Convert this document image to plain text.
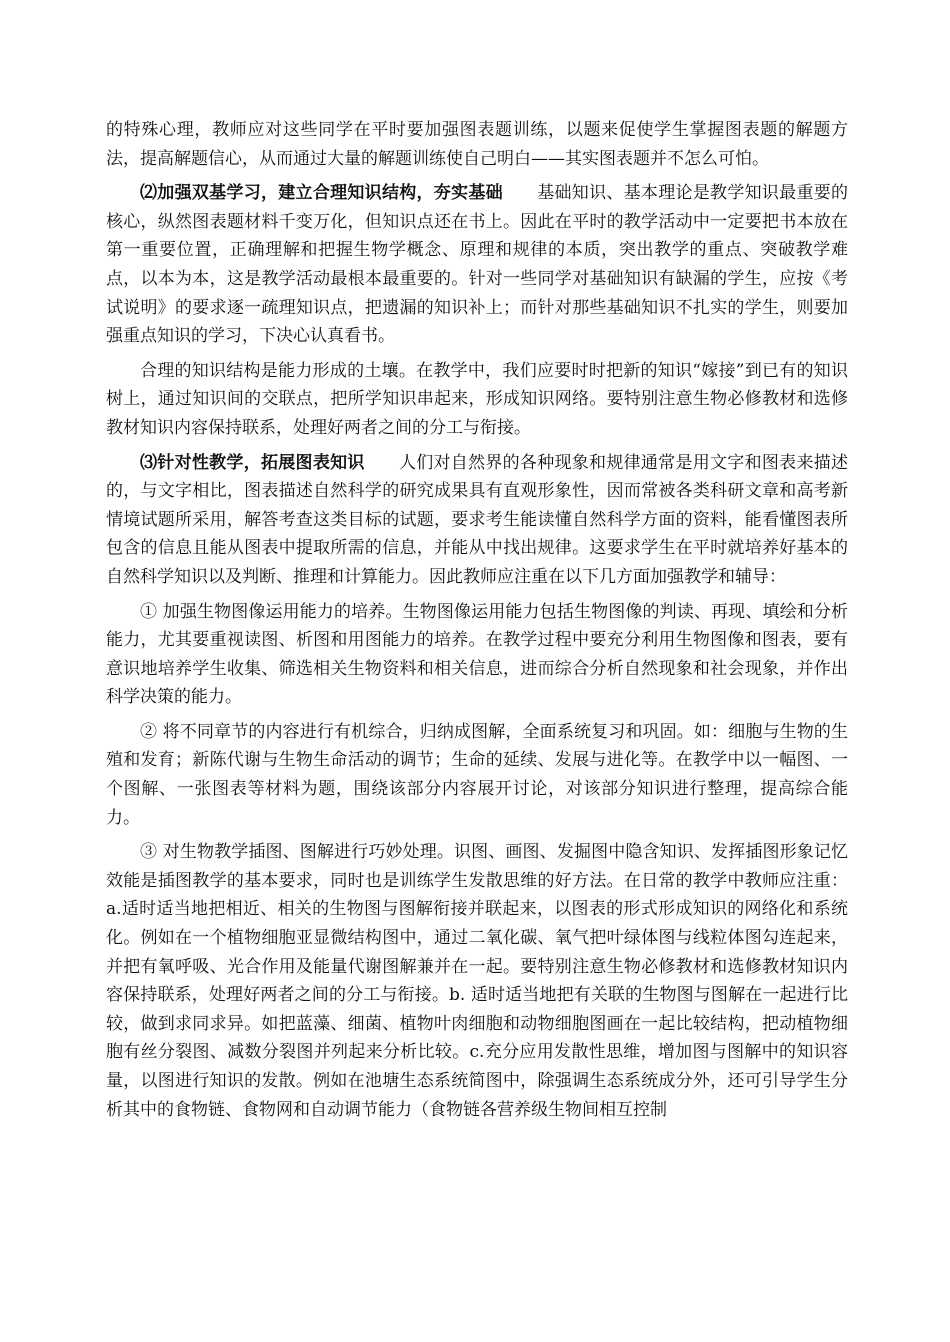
的特殊心理，教师应对这些同学在平时要加强图表题训练，以题来促使学生掌握图表题的解题方法，提高解题信心，从而通过大量的解题训练使自己明白——其实图表题并不怎么可怕。

⑵加强双基学习，建立合理知识结构，夯实基础 基础知识、基本理论是教学知识最重要的核心，纵然图表题材料千变万化，但知识点还在书上。因此在平时的教学活动中一定要把书本放在第一重要位置，正确理解和把握生物学概念、原理和规律的本质，突出教学的重点、突破教学难点，以本为本，这是教学活动最根本最重要的。针对一些同学对基础知识有缺漏的学生，应按《考试说明》的要求逐一疏理知识点，把遗漏的知识补上；而针对那些基础知识不扎实的学生，则要加强重点知识的学习，下决心认真看书。

合理的知识结构是能力形成的土壤。在教学中，我们应要时时把新的知识“嫁接”到已有的知识树上，通过知识间的交联点，把所学知识串起来，形成知识网络。要特别注意生物必修教材和选修教材知识内容保持联系，处理好两者之间的分工与衔接。

⑶针对性教学，拓展图表知识 人们对自然界的各种现象和规律通常是用文字和图表来描述的，与文字相比，图表描述自然科学的研究成果具有直观形象性，因而常被各类科研文章和高考新情境试题所采用，解答考查这类目标的试题，要求考生能读懂自然科学方面的资料，能看懂图表所包含的信息且能从图表中提取所需的信息，并能从中找出规律。这要求学生在平时就培养好基本的自然科学知识以及判断、推理和计算能力。因此教师应注重在以下几方面加强教学和辅导：

① 加强生物图像运用能力的培养。生物图像运用能力包括生物图像的判读、再现、填绘和分析能力，尤其要重视读图、析图和用图能力的培养。在教学过程中要充分利用生物图像和图表，要有意识地培养学生收集、筛选相关生物资料和相关信息，进而综合分析自然现象和社会现象，并作出科学决策的能力。

② 将不同章节的内容进行有机综合，归纳成图解，全面系统复习和巩固。如：细胞与生物的生殖和发育；新陈代谢与生物生命活动的调节；生命的延续、发展与进化等。在教学中以一幅图、一个图解、一张图表等材料为题，围绕该部分内容展开讨论，对该部分知识进行整理，提高综合能力。

③ 对生物教学插图、图解进行巧妙处理。识图、画图、发掘图中隐含知识、发挥插图形象记忆效能是插图教学的基本要求，同时也是训练学生发散思维的好方法。在日常的教学中教师应注重：a.适时适当地把相近、相关的生物图与图解衔接并联起来，以图表的形式形成知识的网络化和系统化。例如在一个植物细胞亚显微结构图中，通过二氧化碳、氧气把叶绿体图与线粒体图勾连起来，并把有氧呼吸、光合作用及能量代谢图解兼并在一起。要特别注意生物必修教材和选修教材知识内容保持联系，处理好两者之间的分工与衔接。b. 适时适当地把有关联的生物图与图解在一起进行比较，做到求同求异。如把蓝藻、细菌、植物叶肉细胞和动物细胞图画在一起比较结构，把动植物细胞有丝分裂图、减数分裂图并列起来分析比较。c.充分应用发散性思维，增加图与图解中的知识容量，以图进行知识的发散。例如在池塘生态系统简图中，除强调生态系统成分外，还可引导学生分析其中的食物链、食物网和自动调节能力（食物链各营养级生物间相互控制
